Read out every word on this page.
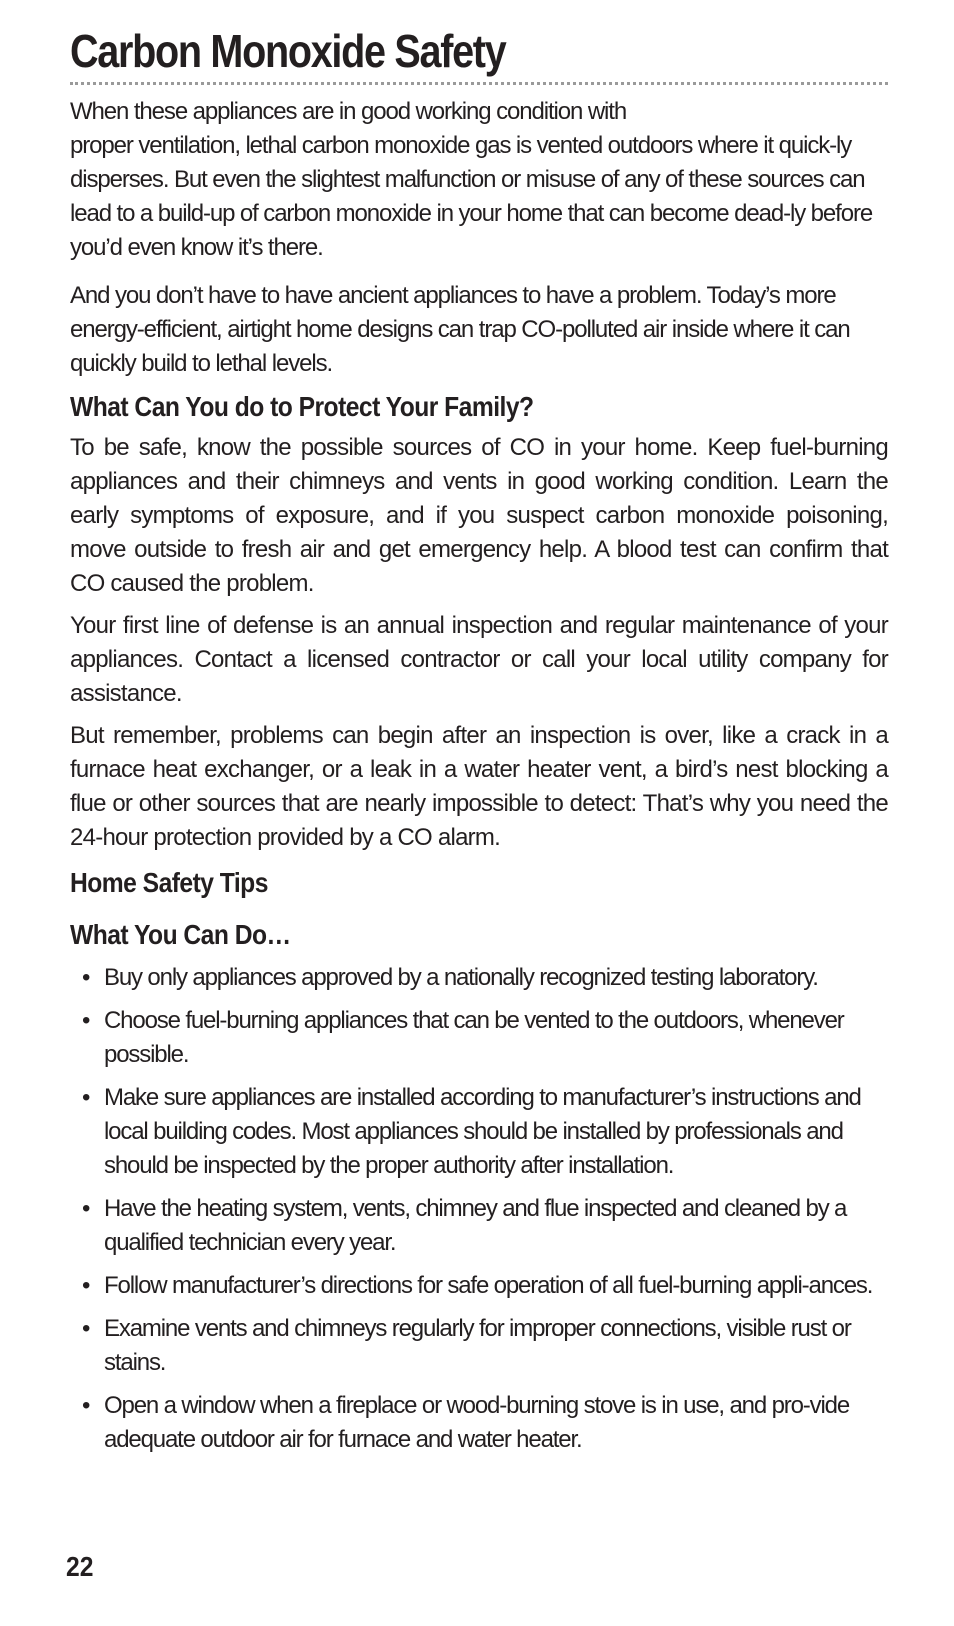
Carbon Monoxide Safety

When these appliances are in good working condition with
proper ventilation, lethal carbon monoxide gas is vented outdoors where it quick-ly disperses. But even the slightest malfunction or misuse of any of these sources can lead to a build-up of carbon monoxide in your home that can become dead-ly before you’d even know it’s there.

And you don’t have to have ancient appliances to have a problem. Today’s more energy-efficient, airtight home designs can trap CO-polluted air inside where it can quickly build to lethal levels.

What Can You do to Protect Your Family?

To be safe, know the possible sources of CO in your home. Keep fuel-burning appliances and their chimneys and vents in good working condition. Learn the early symptoms of exposure, and if you suspect carbon monoxide poisoning, move outside to fresh air and get emergency help. A blood test can confirm that CO caused the problem.

Your first line of defense is an annual inspection and regular maintenance of your appliances. Contact a licensed contractor or call your local utility company for assistance.

But remember, problems can begin after an inspection is over, like a crack in a furnace heat exchanger, or a leak in a water heater vent, a bird’s nest blocking a flue or other sources that are nearly impossible to detect: That’s why you need the 24-hour protection provided by a CO alarm.

Home Safety Tips
What You Can Do…
• Buy only appliances approved by a nationally recognized testing laboratory.
• Choose fuel-burning appliances that can be vented to the outdoors, whenever possible.
• Make sure appliances are installed according to manufacturer’s instructions and local building codes. Most appliances should be installed by professionals and should be inspected by the proper authority after installation.
• Have the heating system, vents, chimney and flue inspected and cleaned by a qualified technician every year.
• Follow manufacturer’s directions for safe operation of all fuel-burning appli-ances.
• Examine vents and chimneys regularly for improper connections, visible rust or stains.
• Open a window when a fireplace or wood-burning stove is in use, and pro-vide adequate outdoor air for furnace and water heater.
22
